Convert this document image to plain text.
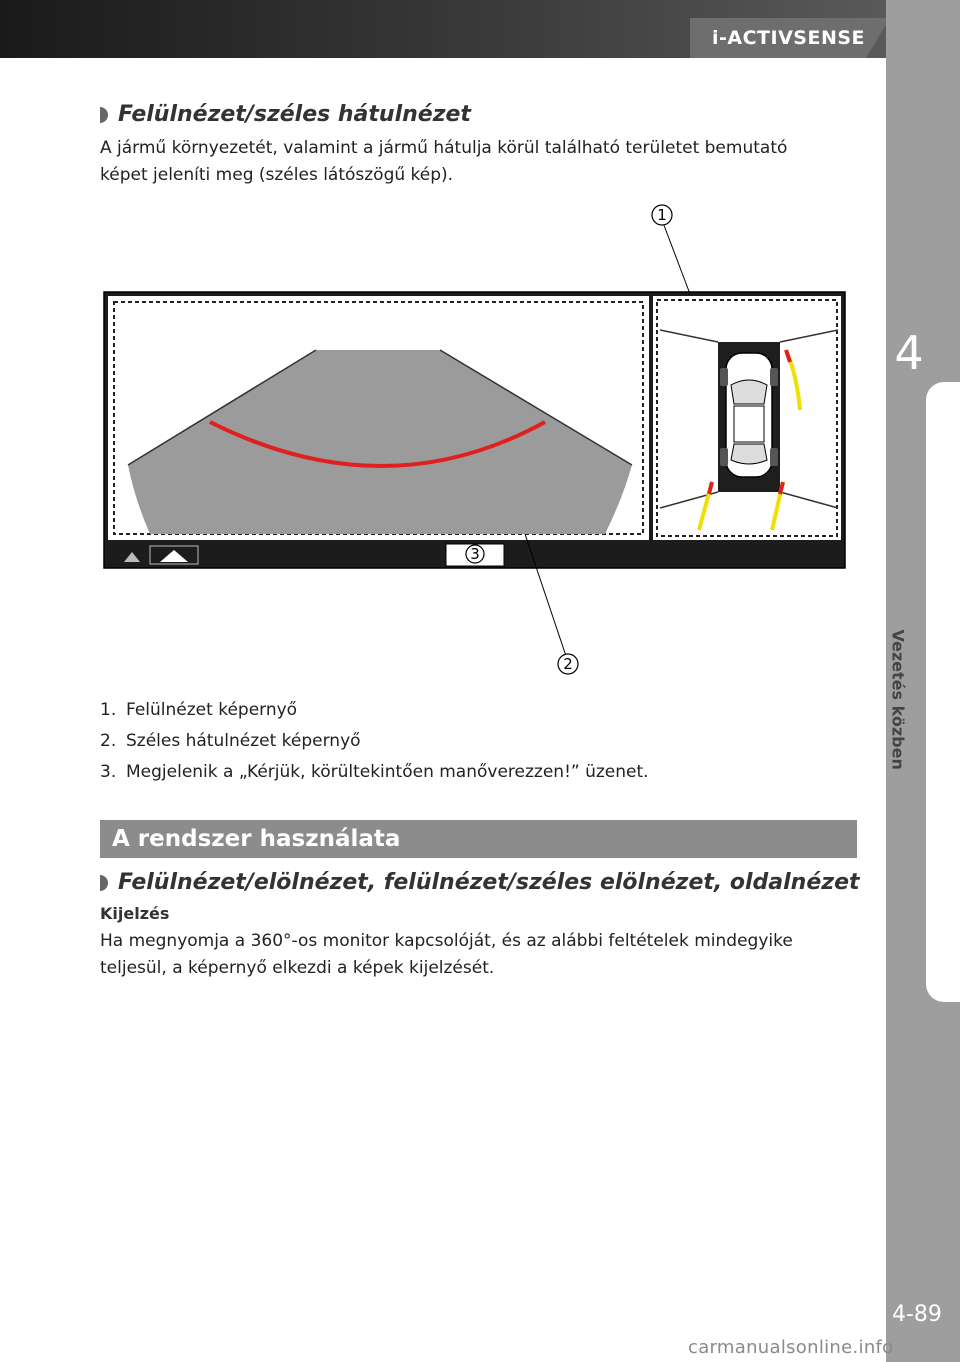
i-ACTIVSENSE
4
Vezetés közben
4-89
Felülnézet/széles hátulnézet
A jármű környezetét, valamint a jármű hátulja körül található területet bemutató képet jeleníti meg (széles látószögű kép).
1
2
3
1. Felülnézet képernyő
2. Széles hátulnézet képernyő
3. Megjelenik a „Kérjük, körültekintően manőverezzen!” üzenet.
A rendszer használata
Felülnézet/elölnézet, felülnézet/széles elölnézet, oldalnézet
Kijelzés
Ha megnyomja a 360°-os monitor kapcsolóját, és az alábbi feltételek mindegyike teljesül, a képernyő elkezdi a képek kijelzését.
carmanualsonline.info
